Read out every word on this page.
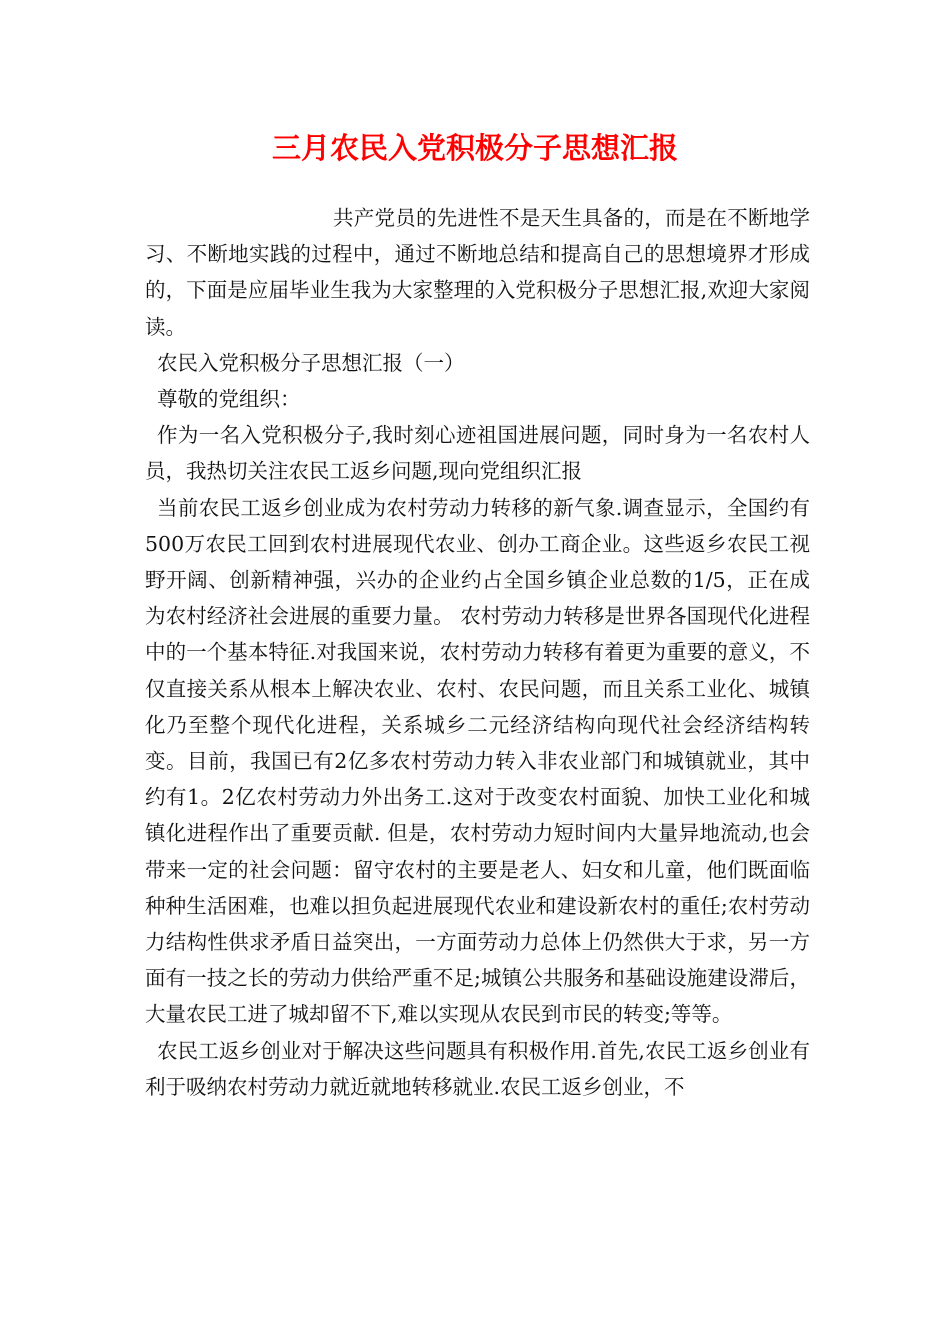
三月农民入党积极分子思想汇报

共产党员的先进性不是天生具备的，而是在不断地学习、不断地实践的过程中，通过不断地总结和提高自己的思想境界才形成的，下面是应届毕业生我为大家整理的入党积极分子思想汇报,欢迎大家阅读。

农民入党积极分子思想汇报（一）

尊敬的党组织：

作为一名入党积极分子,我时刻心迹祖国进展问题，同时身为一名农村人员，我热切关注农民工返乡问题,现向党组织汇报

当前农民工返乡创业成为农村劳动力转移的新气象.调查显示，全国约有500万农民工回到农村进展现代农业、创办工商企业。这些返乡农民工视野开阔、创新精神强，兴办的企业约占全国乡镇企业总数的1/5，正在成为农村经济社会进展的重要力量。 农村劳动力转移是世界各国现代化进程中的一个基本特征.对我国来说，农村劳动力转移有着更为重要的意义，不仅直接关系从根本上解决农业、农村、农民问题，而且关系工业化、城镇化乃至整个现代化进程，关系城乡二元经济结构向现代社会经济结构转变。目前，我国已有2亿多农村劳动力转入非农业部门和城镇就业，其中约有1。2亿农村劳动力外出务工.这对于改变农村面貌、加快工业化和城镇化进程作出了重要贡献. 但是，农村劳动力短时间内大量异地流动,也会带来一定的社会问题：留守农村的主要是老人、妇女和儿童，他们既面临种种生活困难，也难以担负起进展现代农业和建设新农村的重任;农村劳动力结构性供求矛盾日益突出，一方面劳动力总体上仍然供大于求，另一方面有一技之长的劳动力供给严重不足;城镇公共服务和基础设施建设滞后，大量农民工进了城却留不下,难以实现从农民到市民的转变;等等。

农民工返乡创业对于解决这些问题具有积极作用.首先,农民工返乡创业有利于吸纳农村劳动力就近就地转移就业.农民工返乡创业，不
